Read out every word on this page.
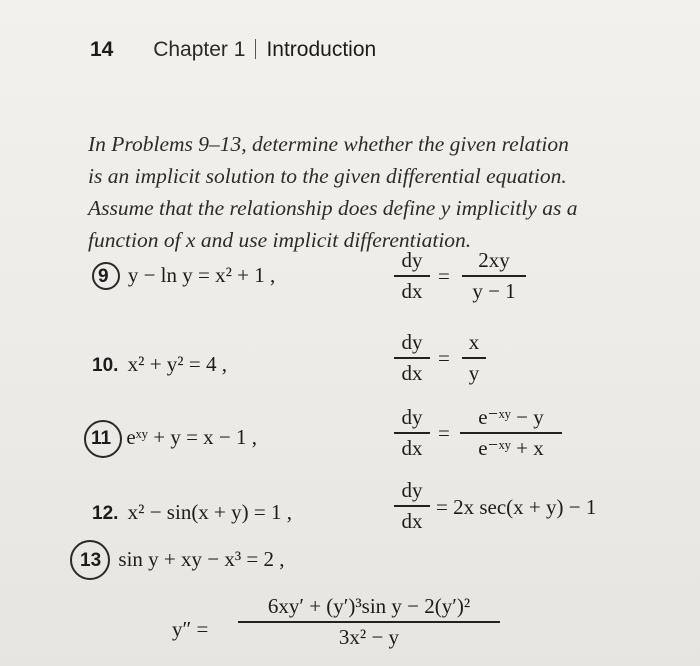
14 Chapter 1 Introduction
In Problems 9–13, determine whether the given relation
is an implicit solution to the given differential equation.
Assume that the relationship does define y implicitly as a
function of x and use implicit differentiation.
9 y − ln y = x² + 1 ,
dy
dx
=
2xy
y − 1
10. x² + y² = 4 ,
dy
dx
=
x
y
11 eˣʸ + y = x − 1 ,
dy
dx
=
e⁻ˣʸ − y
e⁻ˣʸ + x
12. x² − sin(x + y) = 1 ,
dy
dx
= 2x sec(x + y) − 1
13 sin y + xy − x³ = 2 ,
y″ =
6xy′ + (y′)³sin y − 2(y′)²
3x² − y
